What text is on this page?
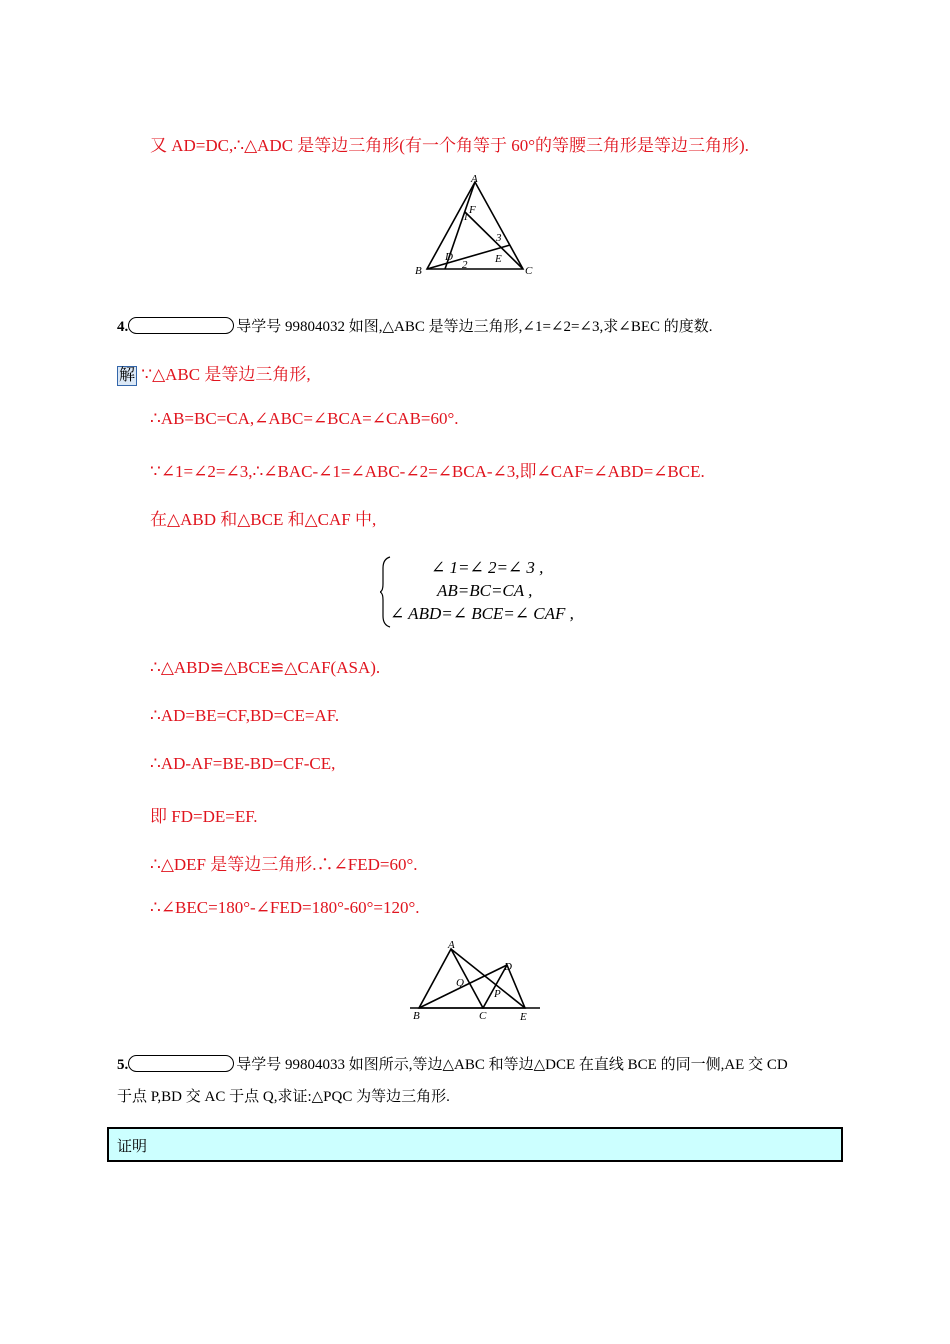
又 AD=DC,∴△ADC 是等边三角形(有一个角等于 60°的等腰三角形是等边三角形).
A
B	C
D	E
F
1
2
3
4.	导学号 99804032 如图,△ABC 是等边三角形,∠1=∠2=∠3,求∠BEC 的度数.
解 ∵△ABC 是等边三角形,
∴AB=BC=CA,∠ABC=∠BCA=∠CAB=60°.
∵∠1=∠2=∠3,∴∠BAC-∠1=∠ABC-∠2=∠BCA-∠3,即∠CAF=∠ABD=∠BCE.
在△ABD 和△BCE 和△CAF 中,
∠ 1=∠ 2=∠ 3 ,
AB=BC=CA ,
∠ ABD=∠ BCE=∠ CAF ,
∴△ABD≌△BCE≌△CAF(ASA).
∴AD=BE=CF,BD=CE=AF.
∴AD-AF=BE-BD=CF-CE,
即 FD=DE=EF.
∴△DEF 是等边三角形.∴∠FED=60°.
∴∠BEC=180°-∠FED=180°-60°=120°.
A
B	C
D
E
P
Q
5.	导学号 99804033 如图所示,等边△ABC 和等边△DCE 在直线 BCE 的同一侧,AE 交 CD
于点 P,BD 交 AC 于点 Q,求证:△PQC 为等边三角形.
证明
